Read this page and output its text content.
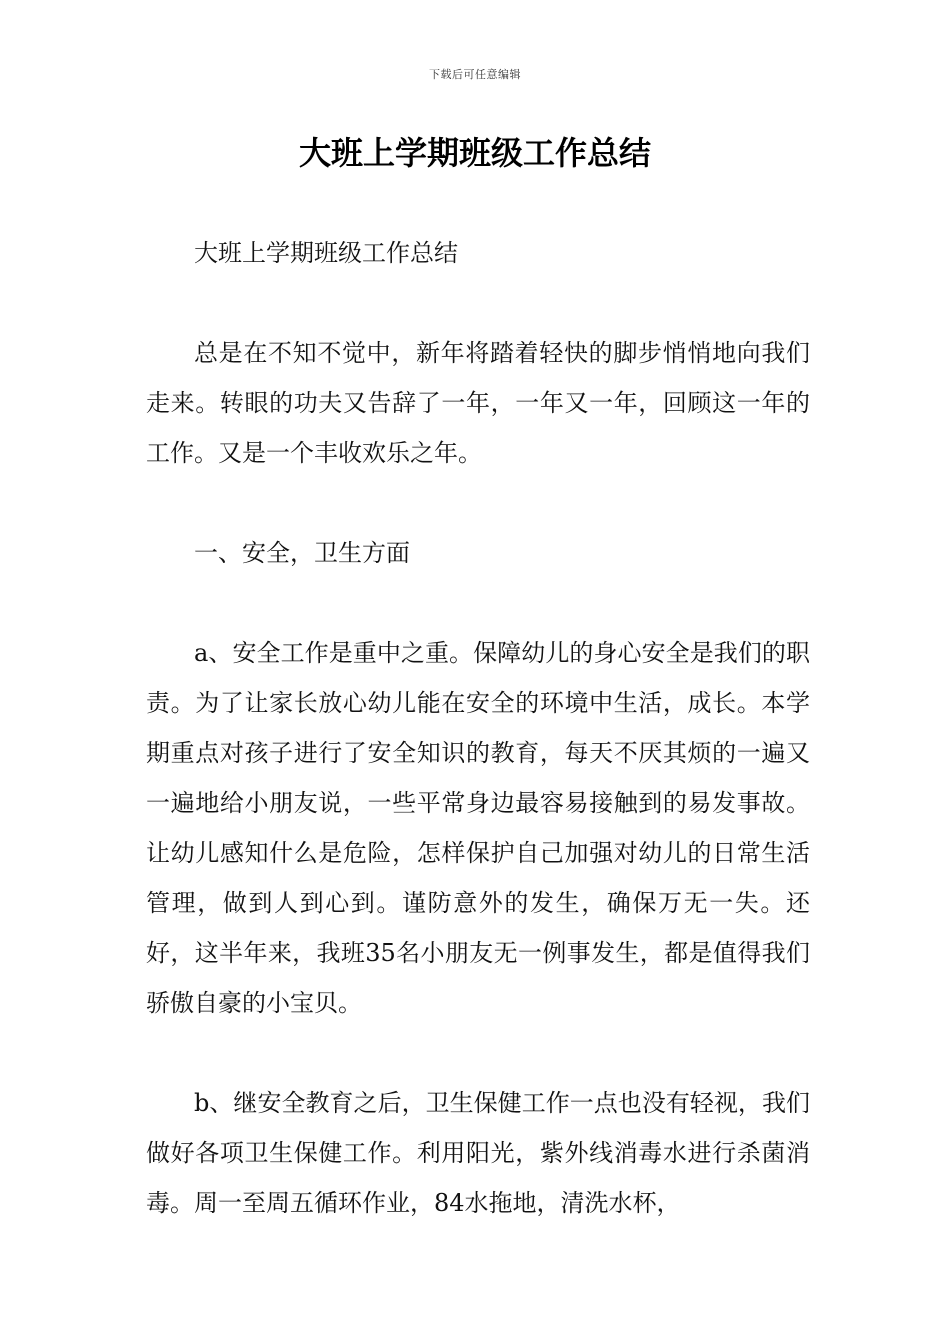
下载后可任意编辑
大班上学期班级工作总结

大班上学期班级工作总结

总是在不知不觉中，新年将踏着轻快的脚步悄悄地向我们走来。转眼的功夫又告辞了一年，一年又一年，回顾这一年的工作。又是一个丰收欢乐之年。

一、安全，卫生方面

a、安全工作是重中之重。保障幼儿的身心安全是我们的职责。为了让家长放心幼儿能在安全的环境中生活，成长。本学期重点对孩子进行了安全知识的教育，每天不厌其烦的一遍又一遍地给小朋友说，一些平常身边最容易接触到的易发事故。让幼儿感知什么是危险，怎样保护自己加强对幼儿的日常生活管理，做到人到心到。谨防意外的发生，确保万无一失。还好，这半年来，我班35名小朋友无一例事发生，都是值得我们骄傲自豪的小宝贝。

b、继安全教育之后，卫生保健工作一点也没有轻视，我们做好各项卫生保健工作。利用阳光，紫外线消毒水进行杀菌消毒。周一至周五循环作业，84水拖地，清洗水杯，
